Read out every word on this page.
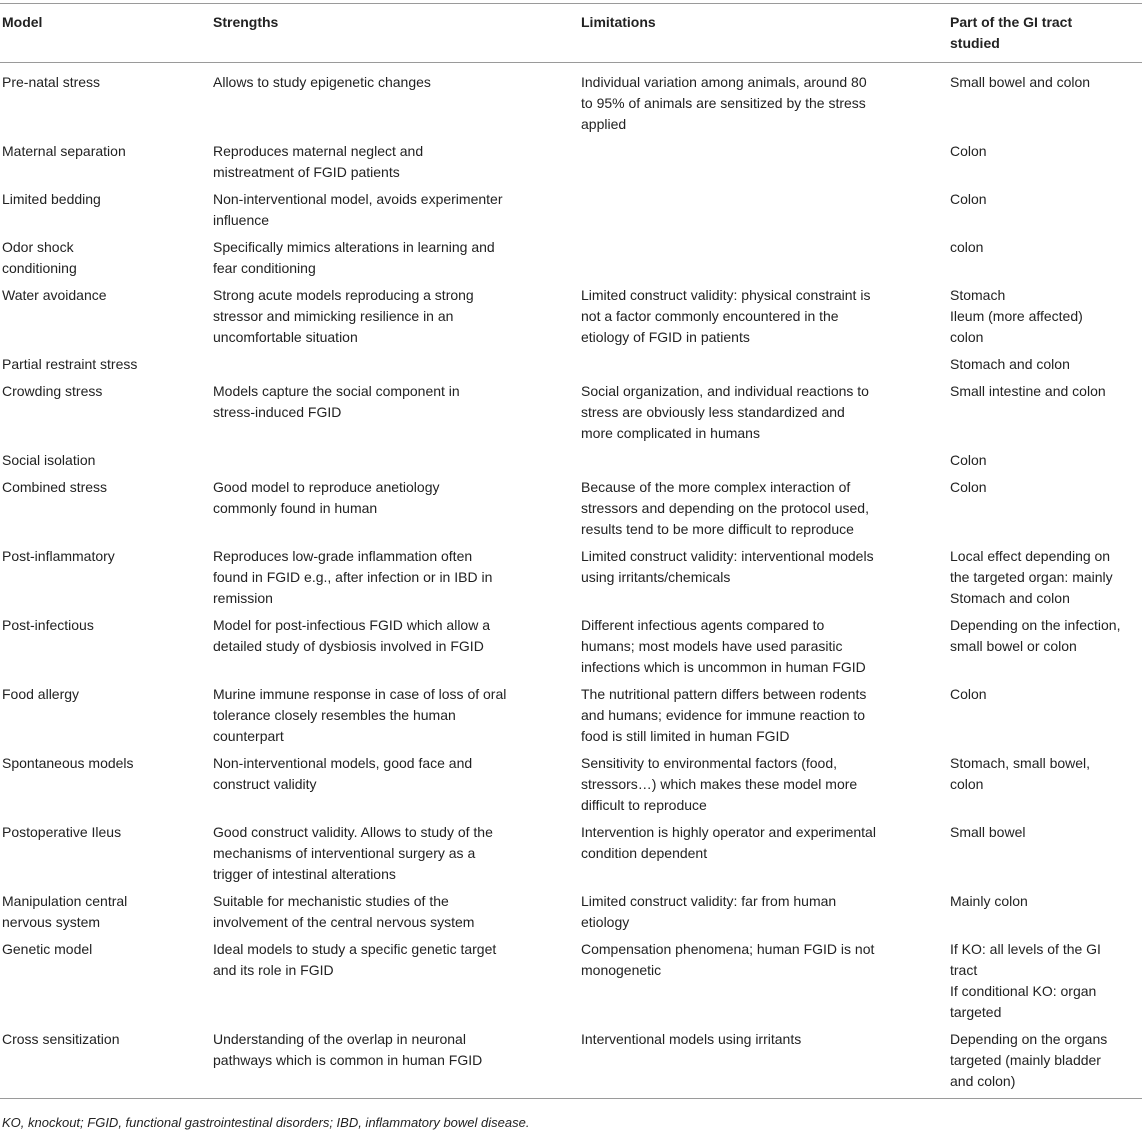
Model	Strengths	Limitations	Part of the GI tract
studied

Pre-natal stress	Allows to study epigenetic changes	Individual variation among animals, around 80
to 95% of animals are sensitized by the stress
applied	Small bowel and colon

Maternal separation	Reproduces maternal neglect and
mistreatment of FGID patients		Colon

Limited bedding	Non-interventional model, avoids experimenter
influence		Colon

Odor shock
conditioning	Specifically mimics alterations in learning and
fear conditioning		colon

Water avoidance	Strong acute models reproducing a strong
stressor and mimicking resilience in an
uncomfortable situation	Limited construct validity: physical constraint is
not a factor commonly encountered in the
etiology of FGID in patients	Stomach
Ileum (more affected)
colon

Partial restraint stress			Stomach and colon

Crowding stress	Models capture the social component in
stress-induced FGID	Social organization, and individual reactions to
stress are obviously less standardized and
more complicated in humans	Small intestine and colon

Social isolation			Colon

Combined stress	Good model to reproduce anetiology
commonly found in human	Because of the more complex interaction of
stressors and depending on the protocol used,
results tend to be more difficult to reproduce	Colon

Post-inflammatory	Reproduces low-grade inflammation often
found in FGID e.g., after infection or in IBD in
remission	Limited construct validity: interventional models
using irritants/chemicals	Local effect depending on
the targeted organ: mainly
Stomach and colon

Post-infectious	Model for post-infectious FGID which allow a
detailed study of dysbiosis involved in FGID	Different infectious agents compared to
humans; most models have used parasitic
infections which is uncommon in human FGID	Depending on the infection,
small bowel or colon

Food allergy	Murine immune response in case of loss of oral
tolerance closely resembles the human
counterpart	The nutritional pattern differs between rodents
and humans; evidence for immune reaction to
food is still limited in human FGID	Colon

Spontaneous models	Non-interventional models, good face and
construct validity	Sensitivity to environmental factors (food,
stressors…) which makes these model more
difficult to reproduce	Stomach, small bowel,
colon

Postoperative Ileus	Good construct validity. Allows to study of the
mechanisms of interventional surgery as a
trigger of intestinal alterations	Intervention is highly operator and experimental
condition dependent	Small bowel

Manipulation central
nervous system	Suitable for mechanistic studies of the
involvement of the central nervous system	Limited construct validity: far from human
etiology	Mainly colon

Genetic model	Ideal models to study a specific genetic target
and its role in FGID	Compensation phenomena; human FGID is not
monogenetic	If KO: all levels of the GI
tract
If conditional KO: organ
targeted

Cross sensitization	Understanding of the overlap in neuronal
pathways which is common in human FGID	Interventional models using irritants	Depending on the organs
targeted (mainly bladder
and colon)
KO, knockout; FGID, functional gastrointestinal disorders; IBD, inflammatory bowel disease.
